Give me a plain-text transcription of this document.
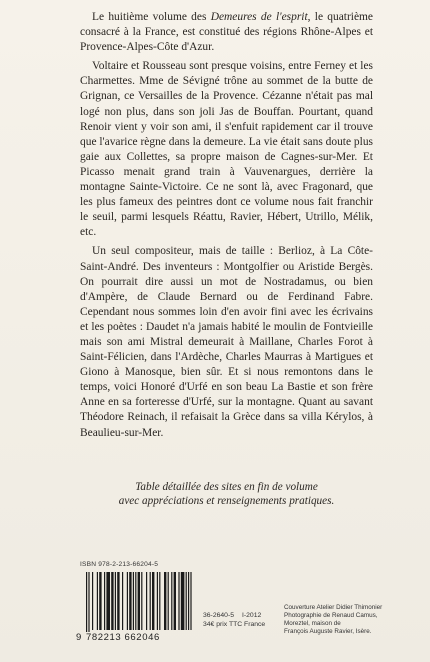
Le huitième volume des Demeures de l'esprit, le quatrième consacré à la France, est constitué des régions Rhône-Alpes et Provence-Alpes-Côte d'Azur.

Voltaire et Rousseau sont presque voisins, entre Ferney et les Charmettes. Mme de Sévigné trône au sommet de la butte de Grignan, ce Versailles de la Provence. Cézanne n'était pas mal logé non plus, dans son joli Jas de Bouffan. Pourtant, quand Renoir vient y voir son ami, il s'enfuit rapidement car il trouve que l'avarice règne dans la demeure. La vie était sans doute plus gaie aux Collettes, sa propre maison de Cagnes-sur-Mer. Et Picasso menait grand train à Vauvenargues, derrière la montagne Sainte-Victoire. Ce ne sont là, avec Fragonard, que les plus fameux des peintres dont ce volume nous fait franchir le seuil, parmi lesquels Réattu, Ravier, Hébert, Utrillo, Mélik, etc.

Un seul compositeur, mais de taille : Berlioz, à La Côte-Saint-André. Des inventeurs : Montgolfier ou Aristide Bergès. On pourrait dire aussi un mot de Nostradamus, ou bien d'Ampère, de Claude Bernard ou de Ferdinand Fabre. Cependant nous sommes loin d'en avoir fini avec les écrivains et les poètes : Daudet n'a jamais habité le moulin de Fontvieille mais son ami Mistral demeurait à Maillane, Charles Forot à Saint-Félicien, dans l'Ardèche, Charles Maurras à Martigues et Giono à Manosque, bien sûr. Et si nous remontons dans le temps, voici Honoré d'Urfé en son beau La Bastie et son frère Anne en sa forteresse d'Urfé, sur la montagne. Quant au savant Théodore Reinach, il refaisait la Grèce dans sa villa Kérylos, à Beaulieu-sur-Mer.

Table détaillée des sites en fin de volume
avec appréciations et renseignements pratiques.
ISBN 978-2-213-66204-5
9 782213 662046
36-2640-5 I-2012
34€ prix TTC France
Couverture Atelier Didier Thimonier
Photographie de Renaud Camus,
Moreztel, maison de
François Auguste Ravier, Isère.
